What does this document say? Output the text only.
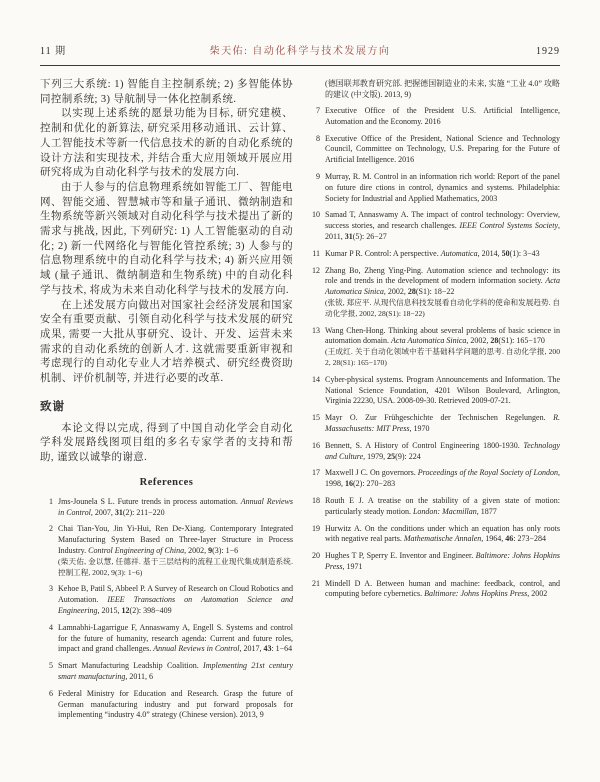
11 期	柴天佑: 自动化科学与技术发展方向	1929

下列三大系统: 1) 智能自主控制系统; 2) 多智能体协同控制系统; 3) 导航制导一体化控制系统.

以实现上述系统的愿景功能为目标, 研究建模、控制和优化的新算法, 研究采用移动通讯、云计算、人工智能技术等新一代信息技术的新的自动化系统的设计方法和实现技术, 并结合重大应用领域开展应用研究将成为自动化科学与技术的发展方向.

由于人参与的信息物理系统如智能工厂、智能电网、智能交通、智慧城市等和量子通讯、微纳制造和生物系统等新兴领域对自动化科学与技术提出了新的需求与挑战, 因此, 下列研究: 1) 人工智能驱动的自动化; 2) 新一代网络化与智能化管控系统; 3) 人参与的信息物理系统中的自动化科学与技术; 4) 新兴应用领域 (量子通讯、微纳制造和生物系统) 中的自动化科学与技术, 将成为未来自动化科学与技术的发展方向.

在上述发展方向做出对国家社会经济发展和国家安全有重要贡献、引领自动化科学与技术发展的研究成果, 需要一大批从事研究、设计、开发、运营未来需求的自动化系统的创新人才. 这就需要重新审视和考虑现行的自动化专业人才培养模式、研究经费资助机制、评价机制等, 并进行必要的改革.

致谢

本论文得以完成, 得到了中国自动化学会自动化学科发展路线图项目组的多名专家学者的支持和帮助, 谨致以诚挚的谢意.

References
1 Jms-Jounela S L. Future trends in process automation. Annual Reviews in Control, 2007, 31(2): 211−220
2 Chai Tian-You, Jin Yi-Hui, Ren De-Xiang. Contemporary Integrated Manufacturing System Based on Three-layer Structure in Process Industry. Control Engineering of China, 2002, 9(3): 1−6
(柴天佑, 金以慧, 任德祥. 基于三层结构的流程工业现代集成制造系统. 控制工程, 2002, 9(3): 1−6)
3 Kehoe B, Patil S, Abbeel P. A Survey of Research on Cloud Robotics and Automation. IEEE Transactions on Automation Science and Engineering, 2015, 12(2): 398−409
4 Lamnabhi-Lagarrigue F, Annaswamy A, Engell S. Systems and control for the future of humanity, research agenda: Current and future roles, impact and grand challenges. Annual Reviews in Control, 2017, 43: 1−64
5 Smart Manufacturing Leadship Coalition. Implementing 21st century smart manufacturing, 2011, 6
6 Federal Ministry for Education and Research. Grasp the future of German manufacturing industry and put forward proposals for implementing “industry 4.0” strategy (Chinese version). 2013, 9

(德国联邦教育研究部. 把握德国制造业的未来, 实施 “工业 4.0” 攻略的建议 (中文版). 2013, 9)

7 Executive Office of the President U.S. Artificial Intelligence, Automation and the Economy. 2016
8 Executive Office of the President, National Science and Technology Council, Committee on Technology, U.S. Preparing for the Future of Artificial Intelligence. 2016
9 Murray, R. M. Control in an information rich world: Report of the panel on future dire ctions in control, dynamics and systems. Philadelphia: Society for Industrial and Applied Mathematics, 2003
10 Samad T, Annaswamy A. The impact of control technology: Overview, success stories, and research challenges. IEEE Control Systems Society, 2011, 31(5): 26−27
11 Kumar P R. Control: A perspective. Automatica, 2014, 50(1): 3−43
12 Zhang Bo, Zheng Ying-Ping. Automation science and technology: its role and trends in the development of modern information society. Acta Automatica Sinica, 2002, 28(S1): 18−22
(张钹, 郑应平. 从现代信息科技发展看自动化学科的使命和发展趋势. 自动化学报, 2002, 28(S1): 18−22)
13 Wang Chen-Hong. Thinking about several problems of basic science in automation domain. Acta Automatica Sinica, 2002, 28(S1): 165−170
(王成红. 关于自动化领域中若干基础科学问题的思考. 自动化学报, 2002, 28(S1): 165−170)
14 Cyber-physical systems. Program Announcements and Information. The National Science Foundation, 4201 Wilson Boulevard, Arlington, Virginia 22230, USA. 2008-09-30. Retrieved 2009-07-21.
15 Mayr O. Zur Frühgeschichte der Technischen Regelungen. R. Massachusetts: MIT Press, 1970
16 Bennett, S. A History of Control Engineering 1800-1930. Technology and Culture, 1979, 25(9): 224
17 Maxwell J C. On governors. Proceedings of the Royal Society of London, 1998, 16(2): 270−283
18 Routh E J. A treatise on the stability of a given state of motion: particularly steady motion. London: Macmillan, 1877
19 Hurwitz A. On the conditions under which an equation has only roots with negative real parts. Mathematische Annalen, 1964, 46: 273−284
20 Hughes T P, Sperry E. Inventor and Engineer. Baltimore: Johns Hopkins Press, 1971
21 Mindell D A. Between human and machine: feedback, control, and computing before cybernetics. Baltimore: Johns Hopkins Press, 2002
